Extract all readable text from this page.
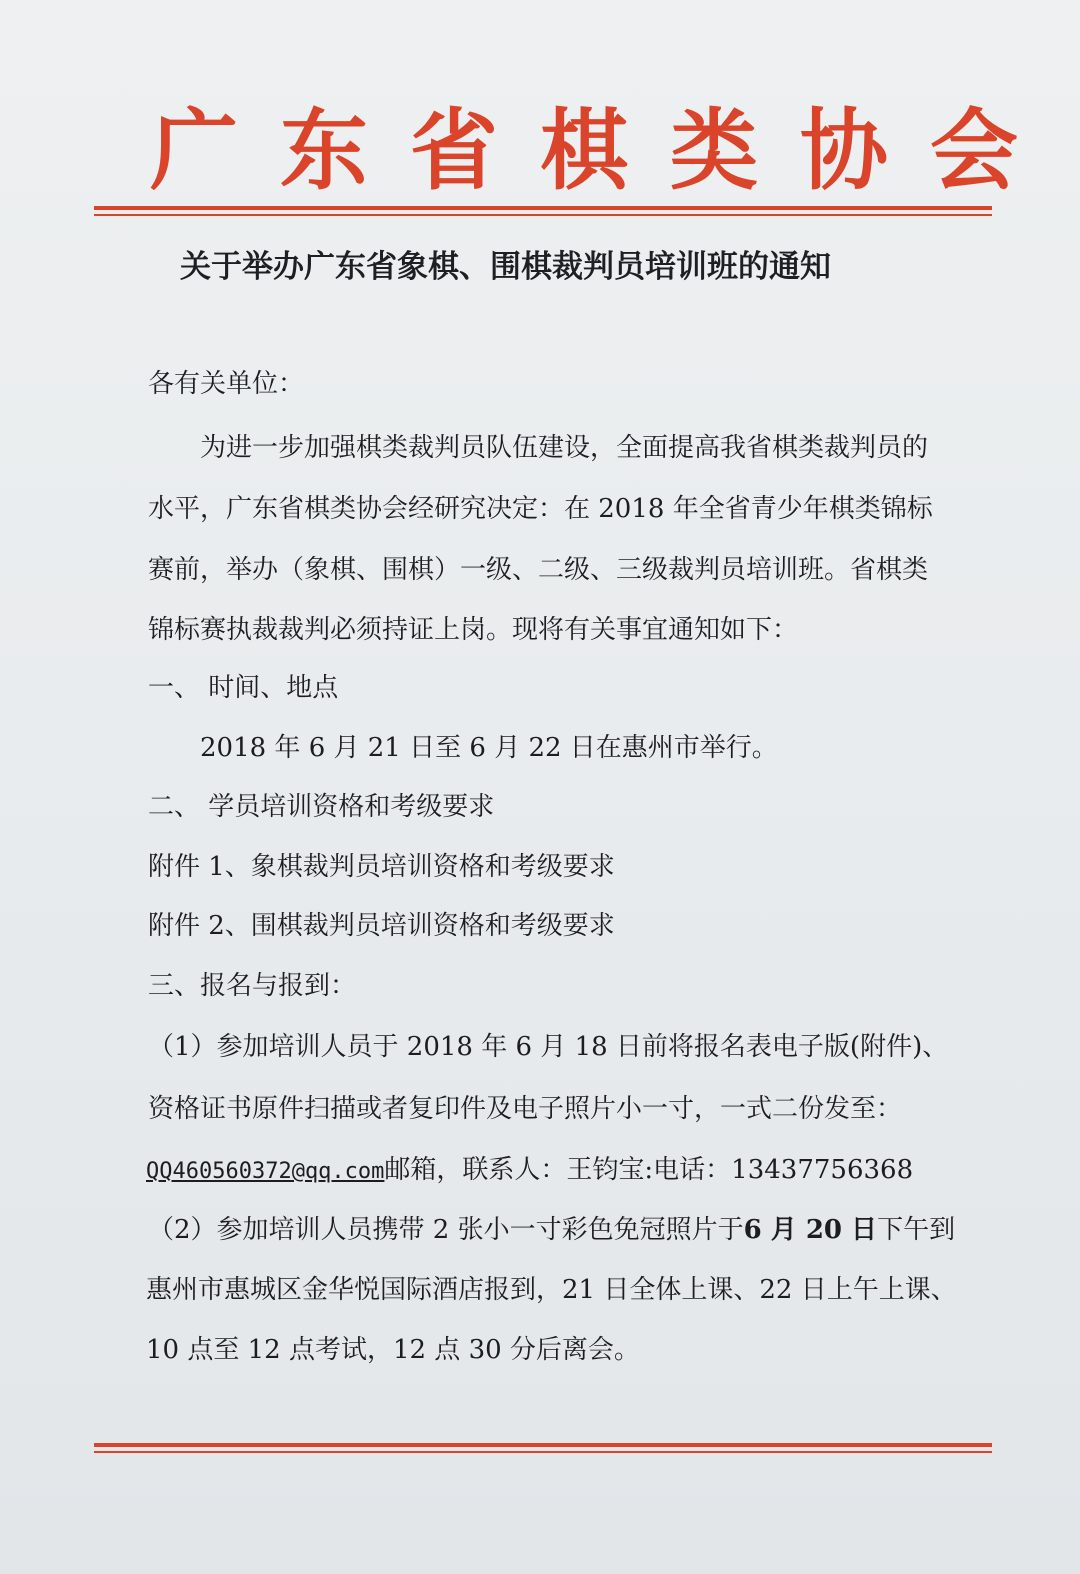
广东省棋类协会
关于举办广东省象棋、围棋裁判员培训班的通知
各有关单位：
为进一步加强棋类裁判员队伍建设，全面提高我省棋类裁判员的
水平，广东省棋类协会经研究决定：在 2018 年全省青少年棋类锦标
赛前，举办（象棋、围棋）一级、二级、三级裁判员培训班。省棋类
锦标赛执裁裁判必须持证上岗。现将有关事宜通知如下：
一、 时间、地点
2018 年 6 月 21 日至 6 月 22 日在惠州市举行。
二、 学员培训资格和考级要求
附件 1、象棋裁判员培训资格和考级要求
附件 2、围棋裁判员培训资格和考级要求
三、报名与报到：
（1）参加培训人员于 2018 年 6 月 18 日前将报名表电子版(附件)、
资格证书原件扫描或者复印件及电子照片小一寸，一式二份发至：
QQ460560372@qq.com邮箱，联系人：王钧宝:电话：13437756368
（2）参加培训人员携带 2 张小一寸彩色免冠照片于6 月 20 日下午到
惠州市惠城区金华悦国际酒店报到，21 日全体上课、22 日上午上课、
10 点至 12 点考试，12 点 30 分后离会。
